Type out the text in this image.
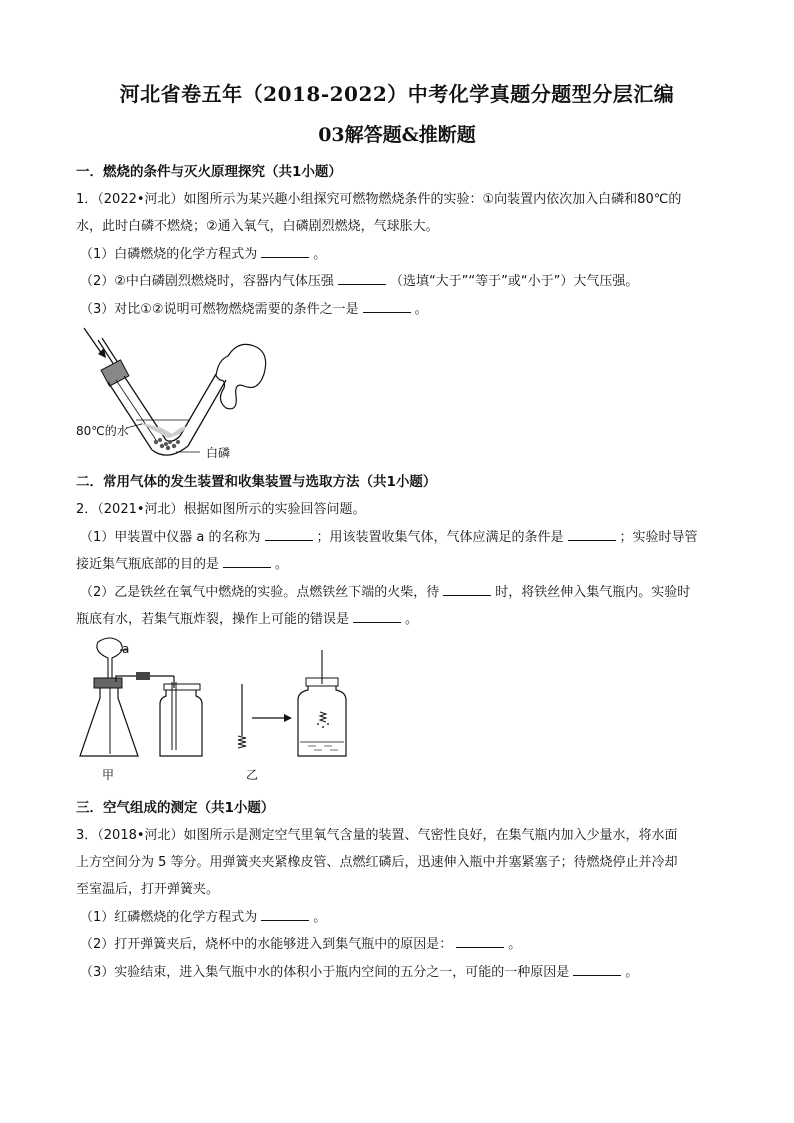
河北省卷五年（2018-2022）中考化学真题分题型分层汇编
03解答题&推断题
一．燃烧的条件与灭火原理探究（共1小题）
1．（2022•河北）如图所示为某兴趣小组探究可燃物燃烧条件的实验：①向装置内依次加入白磷和80℃的
水，此时白磷不燃烧；②通入氧气，白磷剧烈燃烧，气球胀大。
（1）白磷燃烧的化学方程式为	。
（2）②中白磷剧烈燃烧时，容器内气体压强	（选填“大于”“等于”或“小于”）大气压强。
（3）对比①②说明可燃物燃烧需要的条件之一是	。
80℃的水
白磷
二．常用气体的发生装置和收集装置与选取方法（共1小题）
2．（2021•河北）根据如图所示的实验回答问题。
（1）甲装置中仪器 a 的名称为	；用该装置收集气体，气体应满足的条件是	；实验时导管
接近集气瓶底部的目的是	。
（2）乙是铁丝在氧气中燃烧的实验。点燃铁丝下端的火柴，待	时，将铁丝伸入集气瓶内。实验时
瓶底有水，若集气瓶炸裂，操作上可能的错误是	。
a
甲	乙
三．空气组成的测定（共1小题）
3．（2018•河北）如图所示是测定空气里氧气含量的装置、气密性良好，在集气瓶内加入少量水，将水面
上方空间分为 5 等分。用弹簧夹夹紧橡皮管、点燃红磷后，迅速伸入瓶中并塞紧塞子；待燃烧停止并冷却
至室温后，打开弹簧夹。
（1）红磷燃烧的化学方程式为	。
（2）打开弹簧夹后，烧杯中的水能够进入到集气瓶中的原因是：	。
（3）实验结束，进入集气瓶中水的体积小于瓶内空间的五分之一，可能的一种原因是	。
